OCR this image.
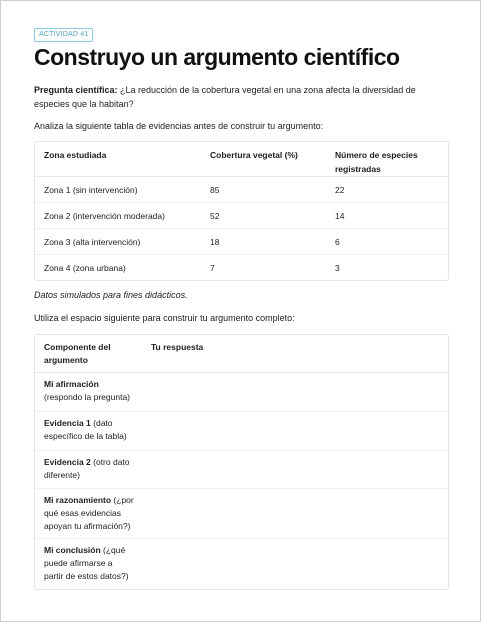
ACTIVIDAD 41
Construyo un argumento científico
Pregunta científica: ¿La reducción de la cobertura vegetal en una zona afecta la diversidad de especies que la habitan?
Analiza la siguiente tabla de evidencias antes de construir tu argumento:
Zona estudiada	Cobertura vegetal (%)	Número de especies registradas
Zona 1 (sin intervención)	85	22
Zona 2 (intervención moderada)	52	14
Zona 3 (alta intervención)	18	6
Zona 4 (zona urbana)	7	3
Datos simulados para fines didácticos.
Utiliza el espacio siguiente para construir tu argumento completo:
Componente del argumento	Tu respuesta
Mi afirmación (respondo la pregunta)	
Evidencia 1 (dato específico de la tabla)	
Evidencia 2 (otro dato diferente)	
Mi razonamiento (¿por qué esas evidencias apoyan tu afirmación?)	
Mi conclusión (¿qué puede afirmarse a partir de estos datos?)	
